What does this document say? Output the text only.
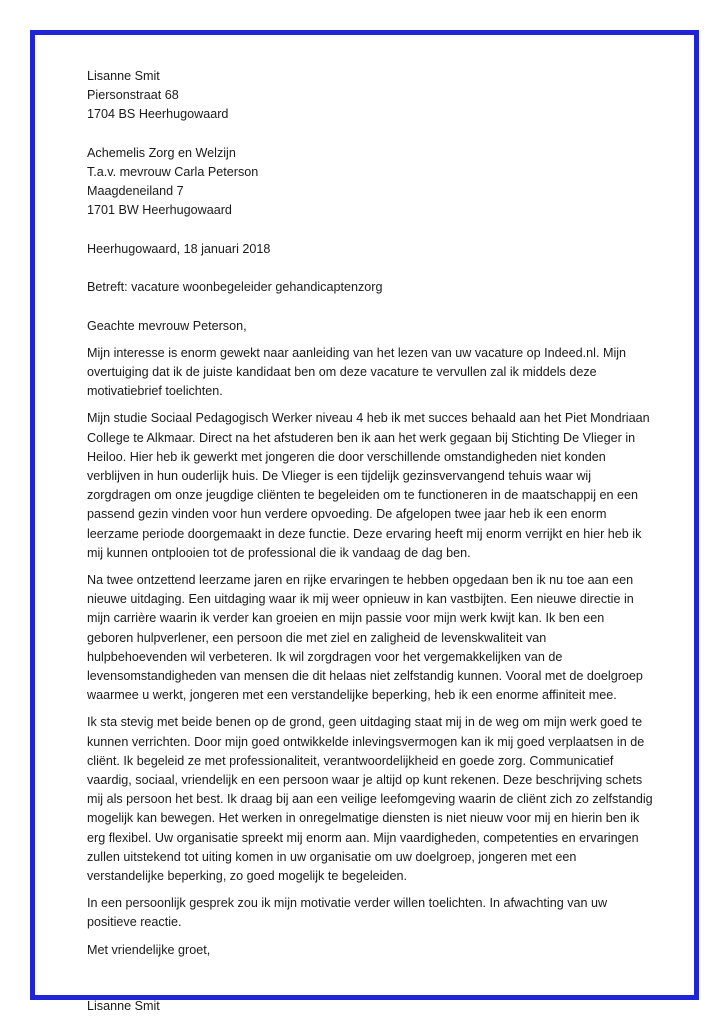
Lisanne Smit
Piersonstraat 68
1704 BS Heerhugowaard
Achemelis Zorg en Welzijn
T.a.v. mevrouw Carla Peterson
Maagdeneiland 7
1701 BW Heerhugowaard
Heerhugowaard, 18 januari 2018
Betreft: vacature woonbegeleider gehandicaptenzorg
Geachte mevrouw Peterson,
Mijn interesse is enorm gewekt naar aanleiding van het lezen van uw vacature op Indeed.nl. Mijn
overtuiging dat ik de juiste kandidaat ben om deze vacature te vervullen zal ik middels deze
motivatiebrief toelichten.
Mijn studie Sociaal Pedagogisch Werker niveau 4 heb ik met succes behaald aan het Piet Mondriaan
College te Alkmaar. Direct na het afstuderen ben ik aan het werk gegaan bij Stichting De Vlieger in
Heiloo. Hier heb ik gewerkt met jongeren die door verschillende omstandigheden niet konden
verblijven in hun ouderlijk huis. De Vlieger is een tijdelijk gezinsvervangend tehuis waar wij
zorgdragen om onze jeugdige cliënten te begeleiden om te functioneren in de maatschappij en een
passend gezin vinden voor hun verdere opvoeding. De afgelopen twee jaar heb ik een enorm
leerzame periode doorgemaakt in deze functie. Deze ervaring heeft mij enorm verrijkt en hier heb ik
mij kunnen ontplooien tot de professional die ik vandaag de dag ben.
Na twee ontzettend leerzame jaren en rijke ervaringen te hebben opgedaan ben ik nu toe aan een
nieuwe uitdaging. Een uitdaging waar ik mij weer opnieuw in kan vastbijten. Een nieuwe directie in
mijn carrière waarin ik verder kan groeien en mijn passie voor mijn werk kwijt kan. Ik ben een
geboren hulpverlener, een persoon die met ziel en zaligheid de levenskwaliteit van
hulpbehoevenden wil verbeteren. Ik wil zorgdragen voor het vergemakkelijken van de
levensomstandigheden van mensen die dit helaas niet zelfstandig kunnen. Vooral met de doelgroep
waarmee u werkt, jongeren met een verstandelijke beperking, heb ik een enorme affiniteit mee.
Ik sta stevig met beide benen op de grond, geen uitdaging staat mij in de weg om mijn werk goed te
kunnen verrichten. Door mijn goed ontwikkelde inlevingsvermogen kan ik mij goed verplaatsen in de
cliënt. Ik begeleid ze met professionaliteit, verantwoordelijkheid en goede zorg. Communicatief
vaardig, sociaal, vriendelijk en een persoon waar je altijd op kunt rekenen. Deze beschrijving schets
mij als persoon het best. Ik draag bij aan een veilige leefomgeving waarin de cliënt zich zo zelfstandig
mogelijk kan bewegen. Het werken in onregelmatige diensten is niet nieuw voor mij en hierin ben ik
erg flexibel. Uw organisatie spreekt mij enorm aan. Mijn vaardigheden, competenties en ervaringen
zullen uitstekend tot uiting komen in uw organisatie om uw doelgroep, jongeren met een
verstandelijke beperking, zo goed mogelijk te begeleiden.
In een persoonlijk gesprek zou ik mijn motivatie verder willen toelichten. In afwachting van uw
positieve reactie.
Met vriendelijke groet,
Lisanne Smit
